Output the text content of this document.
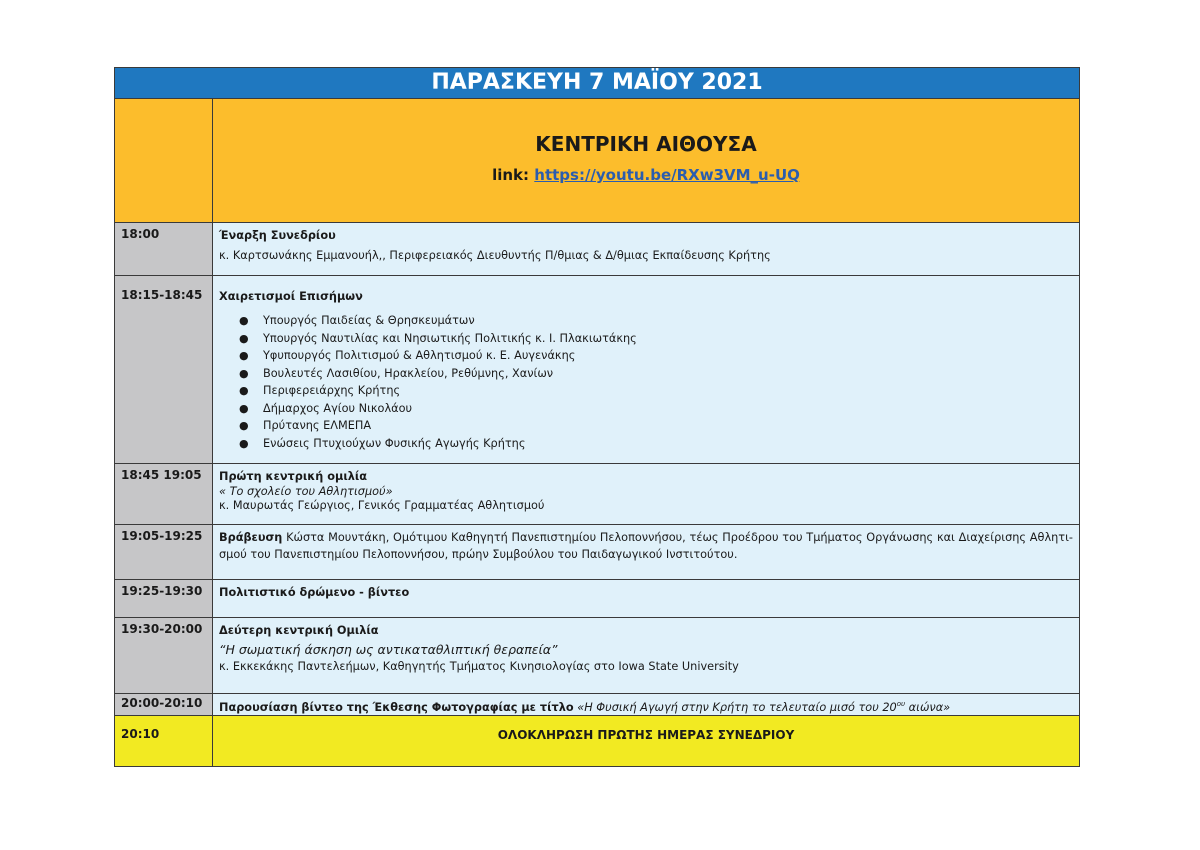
ΠΑΡΑΣΚΕΥΗ 7 ΜΑΪΟΥ 2021
ΚΕΝΤΡΙΚΗ ΑΙΘΟΥΣΑ
link: https://youtu.be/RXw3VM_u-UQ
18:00	Έναρξη Συνεδρίου
κ. Καρτσωνάκης Εμμανουήλ,, Περιφερειακός Διευθυντής Π/θμιας & Δ/θμιας Εκπαίδευσης Κρήτης
18:15-18:45	Χαιρετισμοί Επισήμων
● Υπουργός Παιδείας & Θρησκευμάτων
● Υπουργός Ναυτιλίας και Νησιωτικής Πολιτικής κ. Ι. Πλακιωτάκης
● Υφυπουργός Πολιτισμού & Αθλητισμού κ. Ε. Αυγενάκης
● Βουλευτές Λασιθίου, Ηρακλείου, Ρεθύμνης, Χανίων
● Περιφερειάρχης Κρήτης
● Δήμαρχος Αγίου Νικολάου
● Πρύτανης ΕΛΜΕΠΑ
● Ενώσεις Πτυχιούχων Φυσικής Αγωγής Κρήτης
18:45 19:05	Πρώτη κεντρική ομιλία
« Το σχολείο του Αθλητισμού»
κ. Μαυρωτάς Γεώργιος, Γενικός Γραμματέας Αθλητισμού
19:05-19:25	Βράβευση Κώστα Μουντάκη, Ομότιμου Καθηγητή Πανεπιστημίου Πελοποννήσου, τέως Προέδρου του Τμήματος Οργάνωσης και Διαχείρισης Αθλητι-σμού του Πανεπιστημίου Πελοποννήσου, πρώην Συμβούλου του Παιδαγωγικού Ινστιτούτου.
19:25-19:30	Πολιτιστικό δρώμενο - βίντεο
19:30-20:00	Δεύτερη κεντρική Ομιλία
“Η σωματική άσκηση ως αντικαταθλιπτική θεραπεία”
κ. Εκκεκάκης Παντελεήμων, Καθηγητής Τμήματος Κινησιολογίας στο Iowa State University
20:00-20:10	Παρουσίαση βίντεο της Έκθεσης Φωτογραφίας με τίτλο «Η Φυσική Αγωγή στην Κρήτη το τελευταίο μισό του $20^{o\upsilon}$ αιώνα»
20:10	ΟΛΟΚΛΗΡΩΣΗ ΠΡΩΤΗΣ ΗΜΕΡΑΣ ΣΥΝΕΔΡΙΟΥ
